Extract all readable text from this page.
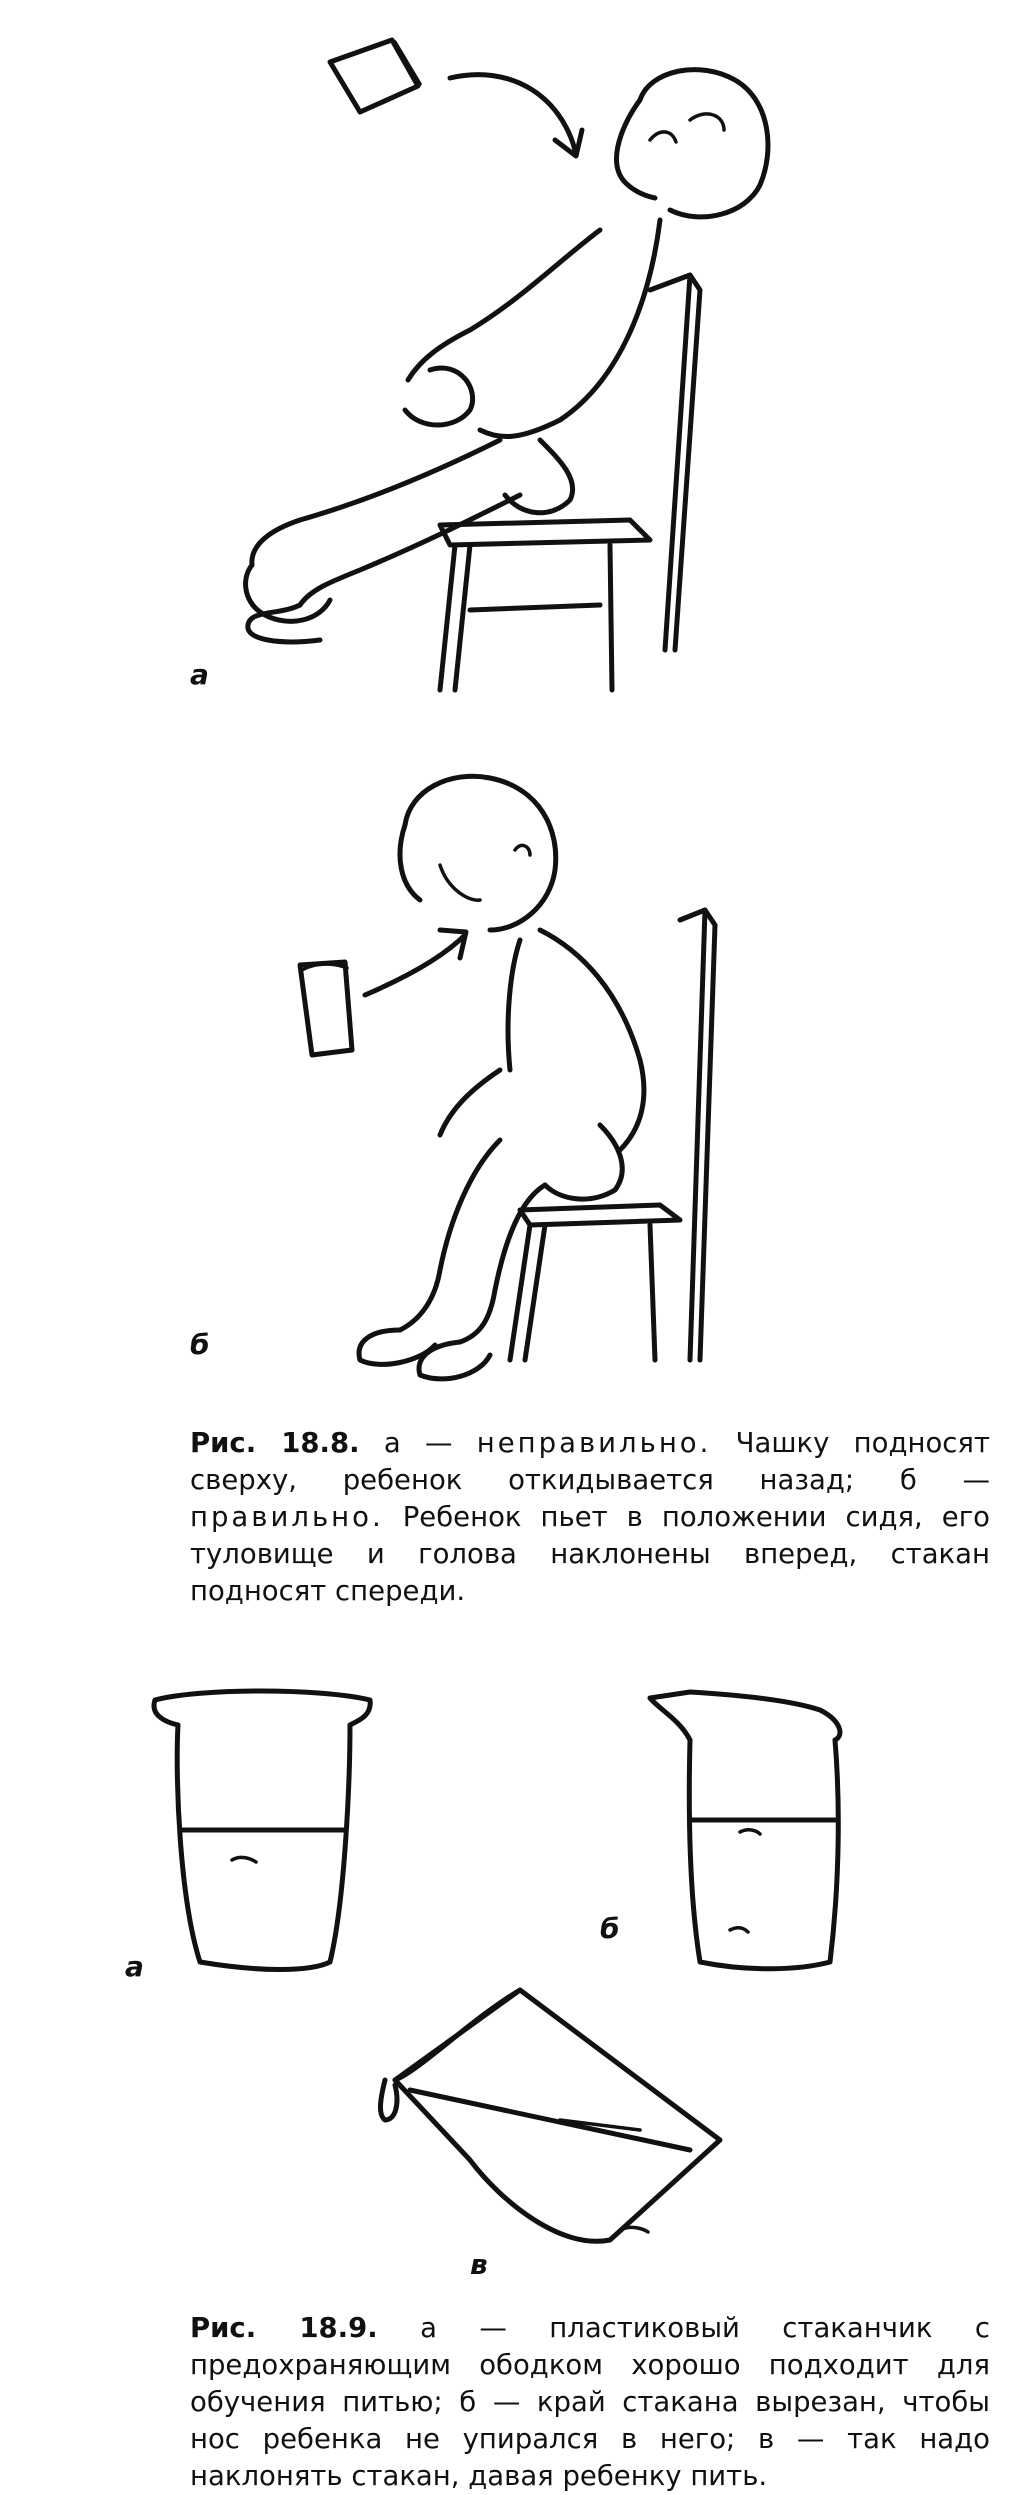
а
б
Рис. 18.8. а — неправильно. Чашку подносят сверху, ребенок откидывается назад; б — правильно. Ребенок пьет в положении сидя, его туловище и голова наклонены вперед, стакан подносят спереди.
а
б
в
Рис. 18.9. а — пластиковый стаканчик с предохраняющим ободком хорошо подходит для обучения питью; б — край стакана вырезан, чтобы нос ребенка не упирался в него; в — так надо наклонять стакан, давая ребенку пить.
